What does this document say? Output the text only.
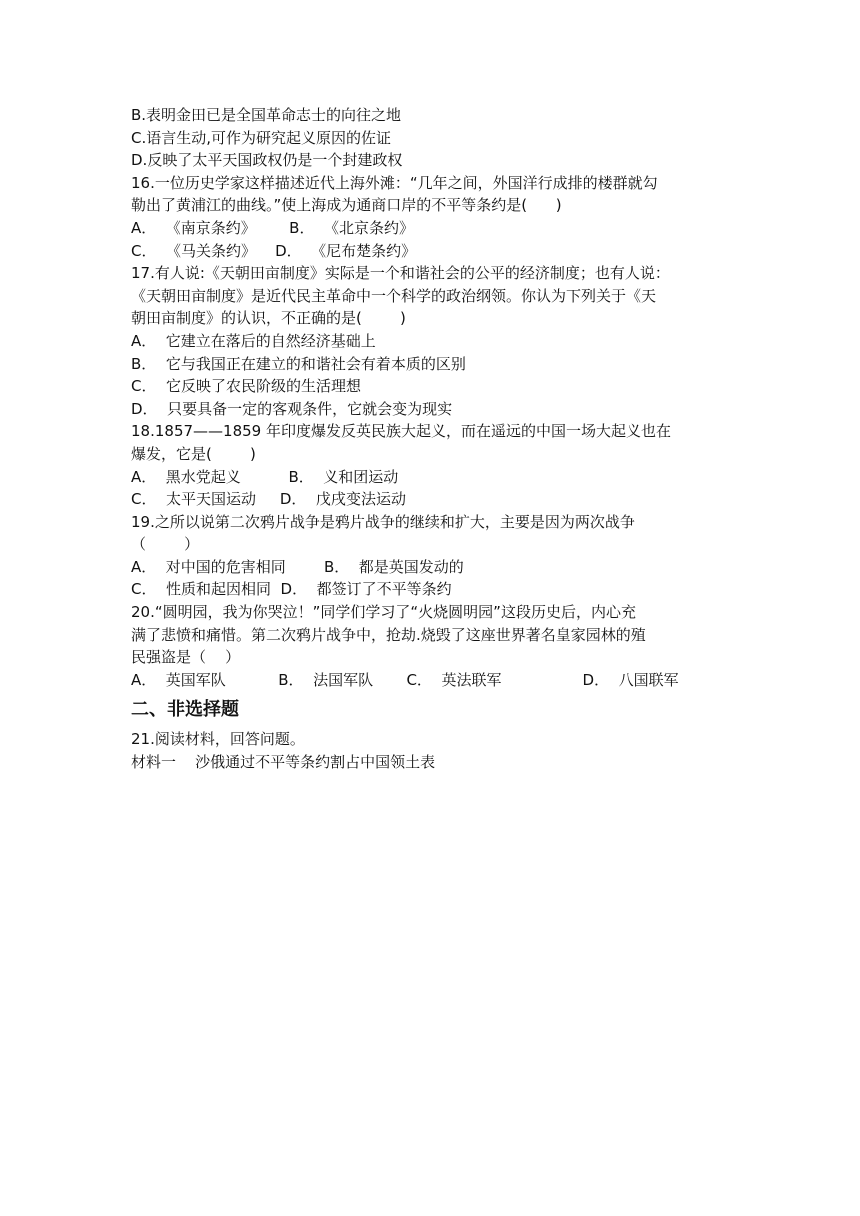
B.表明金田已是全国革命志士的向往之地
C.语言生动,可作为研究起义原因的佐证
D.反映了太平天国政权仍是一个封建政权
16.一位历史学家这样描述近代上海外滩：“几年之间，外国洋行成排的楼群就勾
勒出了黄浦江的曲线。”使上海成为通商口岸的不平等条约是(      )
A．  《南京条约》       B．  《北京条约》
C．  《马关条约》    D．  《尼布楚条约》
17.有人说:《天朝田亩制度》实际是一个和谐社会的公平的经济制度；也有人说：
《天朝田亩制度》是近代民主革命中一个科学的政治纲领。你认为下列关于《天
朝田亩制度》的认识，不正确的是(        )
A．  它建立在落后的自然经济基础上
B．  它与我国正在建立的和谐社会有着本质的区别
C．  它反映了农民阶级的生活理想
D．  只要具备一定的客观条件，它就会变为现实
18.1857——1859 年印度爆发反英民族大起义，而在遥远的中国一场大起义也在
爆发，它是(        )
A．  黑水党起义          B．  义和团运动
C．  太平天国运动     D．  戊戌变法运动
19.之所以说第二次鸦片战争是鸦片战争的继续和扩大，主要是因为两次战争
（        ）
A．  对中国的危害相同        B．  都是英国发动的
C．  性质和起因相同  D．  都签订了不平等条约
20.“圆明园，我为你哭泣！”同学们学习了“火烧圆明园”这段历史后，内心充
满了悲愤和痛惜。第二次鸦片战争中，抢劫.烧毁了这座世界著名皇家园林的殖
民强盗是（    ）
A．  英国军队           B．  法国军队       C．  英法联军                 D．  八国联军
二、非选择题
21.阅读材料，回答问题。
材料一    沙俄通过不平等条约割占中国领土表
